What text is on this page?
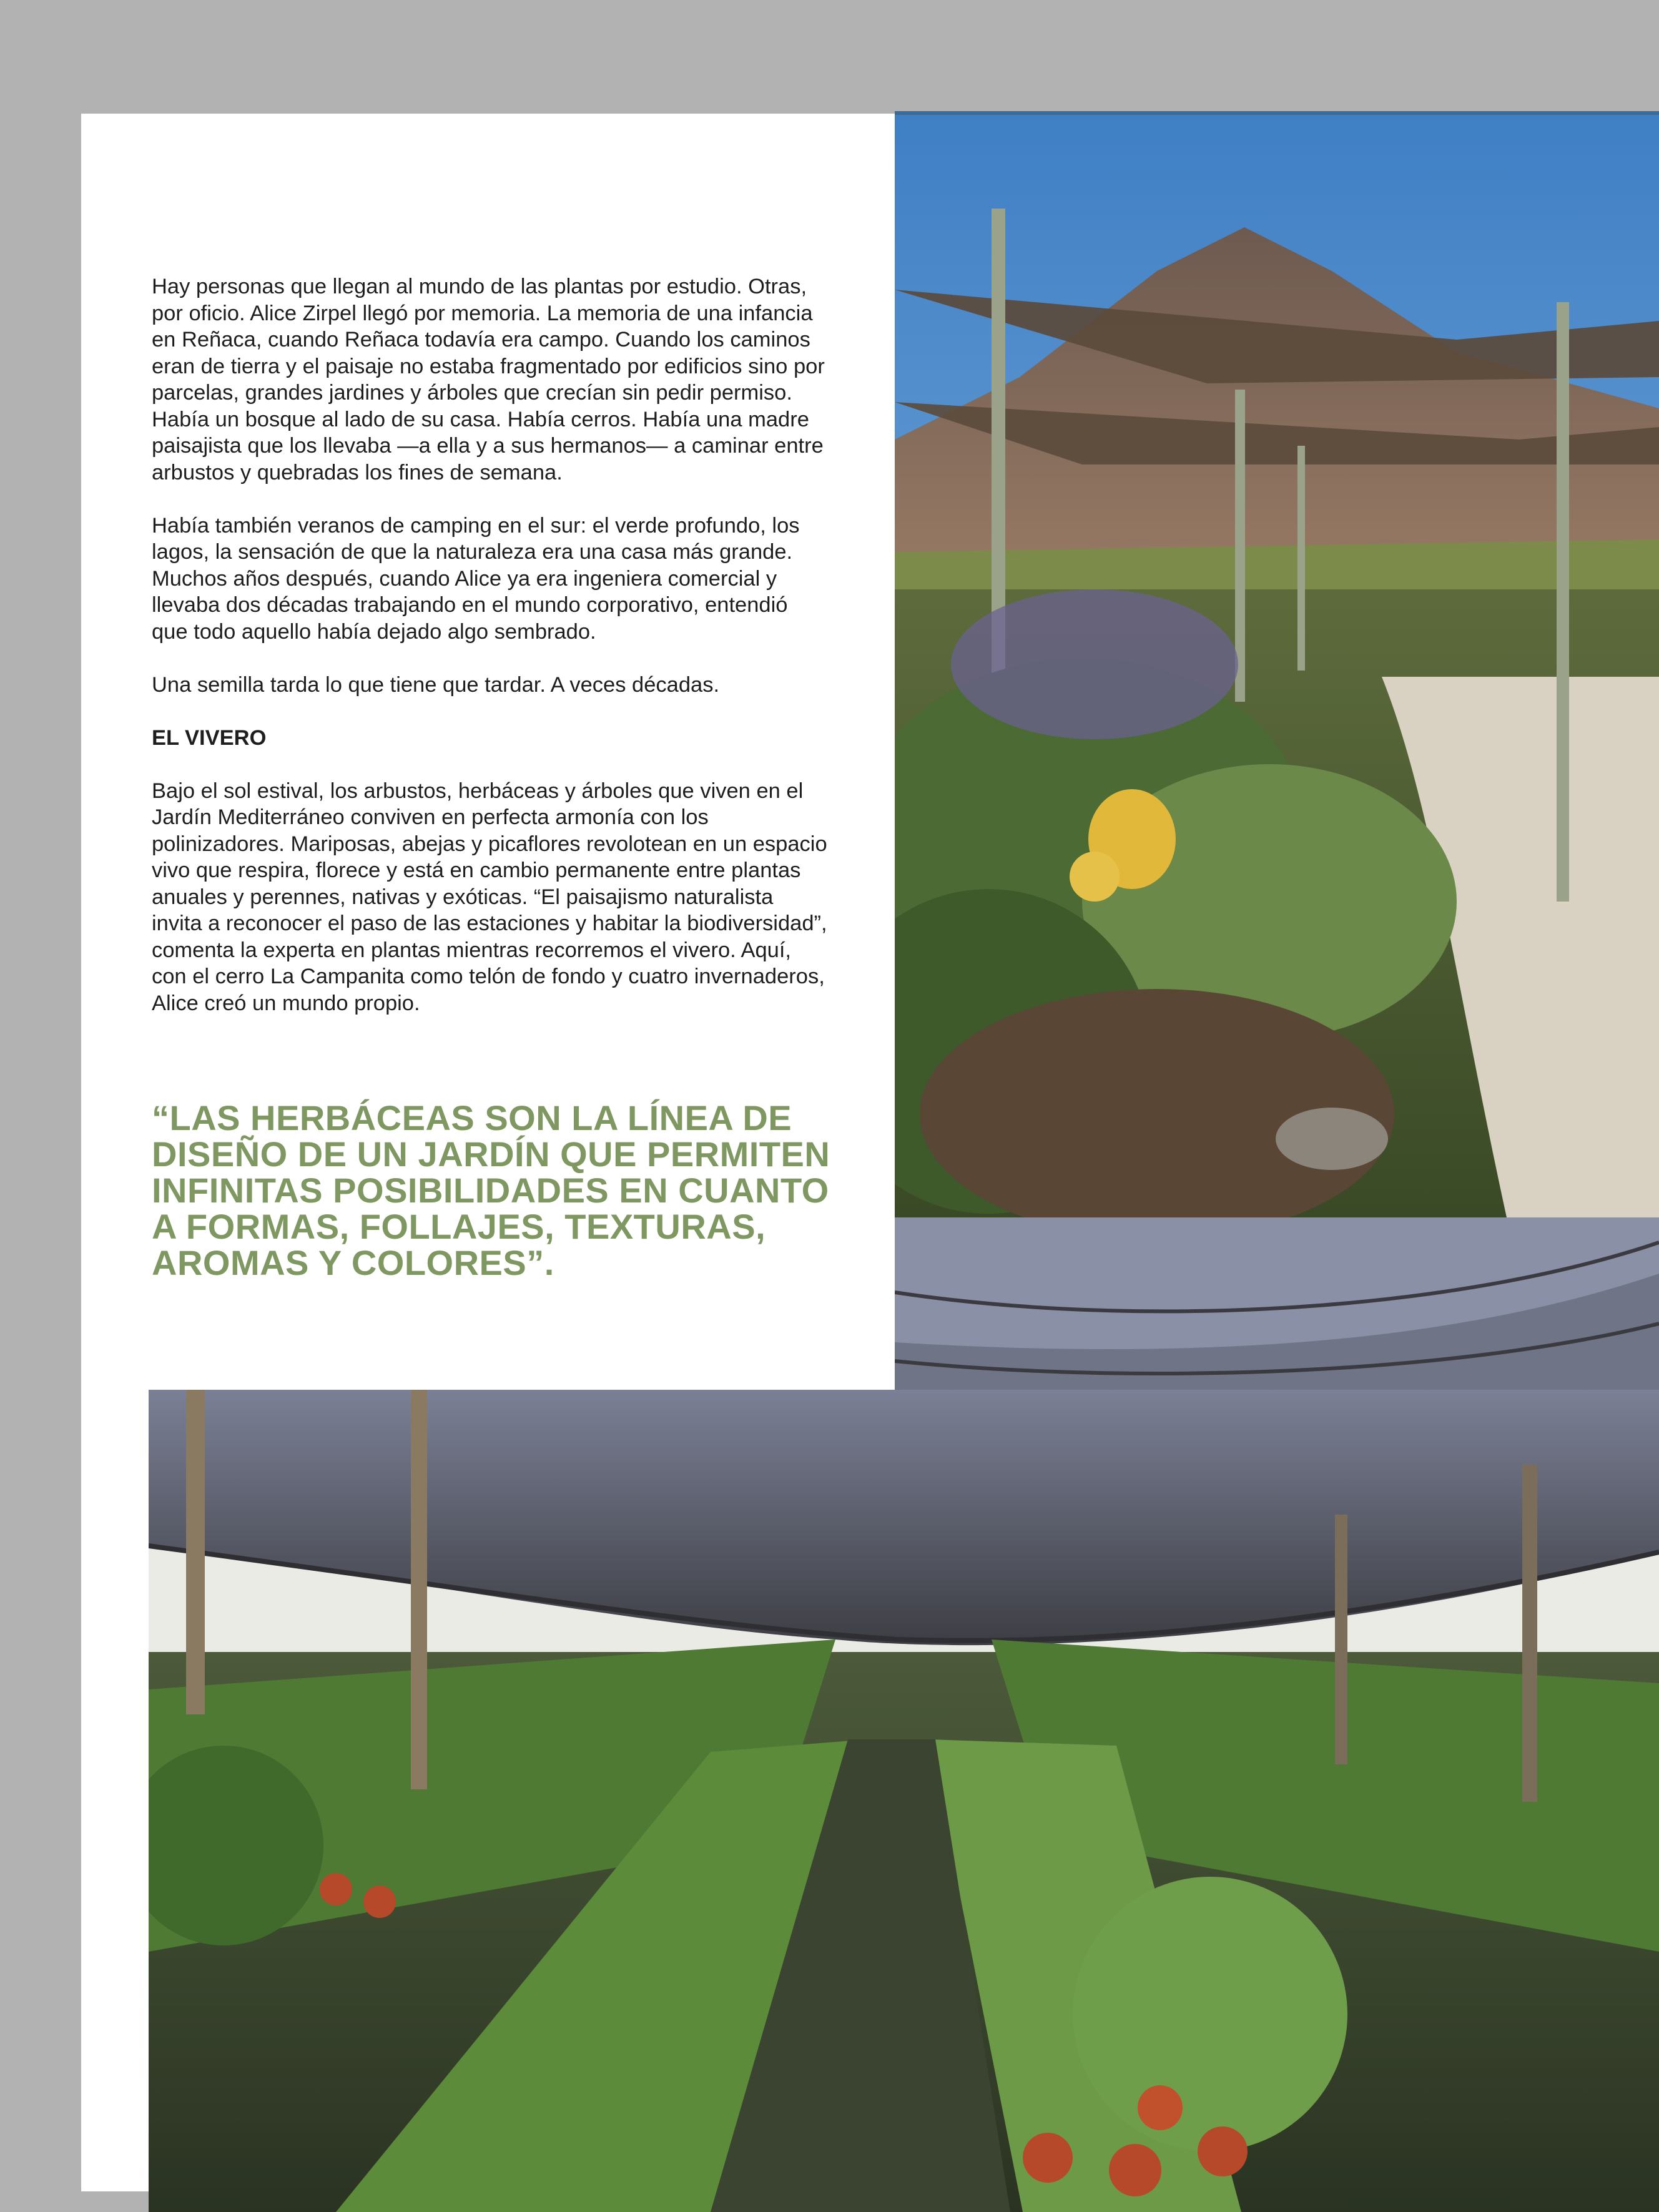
Hay personas que llegan al mundo de las plantas por estudio. Otras, por oficio. Alice Zirpel llegó por memoria. La memoria de una infancia en Reñaca, cuando Reñaca todavía era campo. Cuando los caminos eran de tierra y el paisaje no estaba fragmentado por edificios sino por parcelas, grandes jardines y árboles que crecían sin pedir permiso. Había un bosque al lado de su casa. Había cerros. Había una madre paisajista que los llevaba —a ella y a sus hermanos— a caminar entre arbustos y quebradas los fines de semana.

Había también veranos de camping en el sur: el verde profundo, los lagos, la sensación de que la naturaleza era una casa más grande. Muchos años después, cuando Alice ya era ingeniera comercial y llevaba dos décadas trabajando en el mundo corporativo, entendió que todo aquello había dejado algo sembrado.

Una semilla tarda lo que tiene que tardar. A veces décadas.

EL VIVERO

Bajo el sol estival, los arbustos, herbáceas y árboles que viven en el Jardín Mediterráneo conviven en perfecta armonía con los polinizadores. Mariposas, abejas y picaflores revolotean en un espacio vivo que respira, florece y está en cambio permanente entre plantas anuales y perennes, nativas y exóticas. “El paisajismo naturalista invita a reconocer el paso de las estaciones y habitar la biodiversidad”, comenta la experta en plantas mientras recorremos el vivero. Aquí, con el cerro La Campanita como telón de fondo y cuatro invernaderos, Alice creó un mundo propio.

“LAS HERBÁCEAS SON LA LÍNEA DE DISEÑO DE UN JARDÍN QUE PERMITEN INFINITAS POSIBILIDADES EN CUANTO A FORMAS, FOLLAJES, TEXTURAS, AROMAS Y COLORES”.
